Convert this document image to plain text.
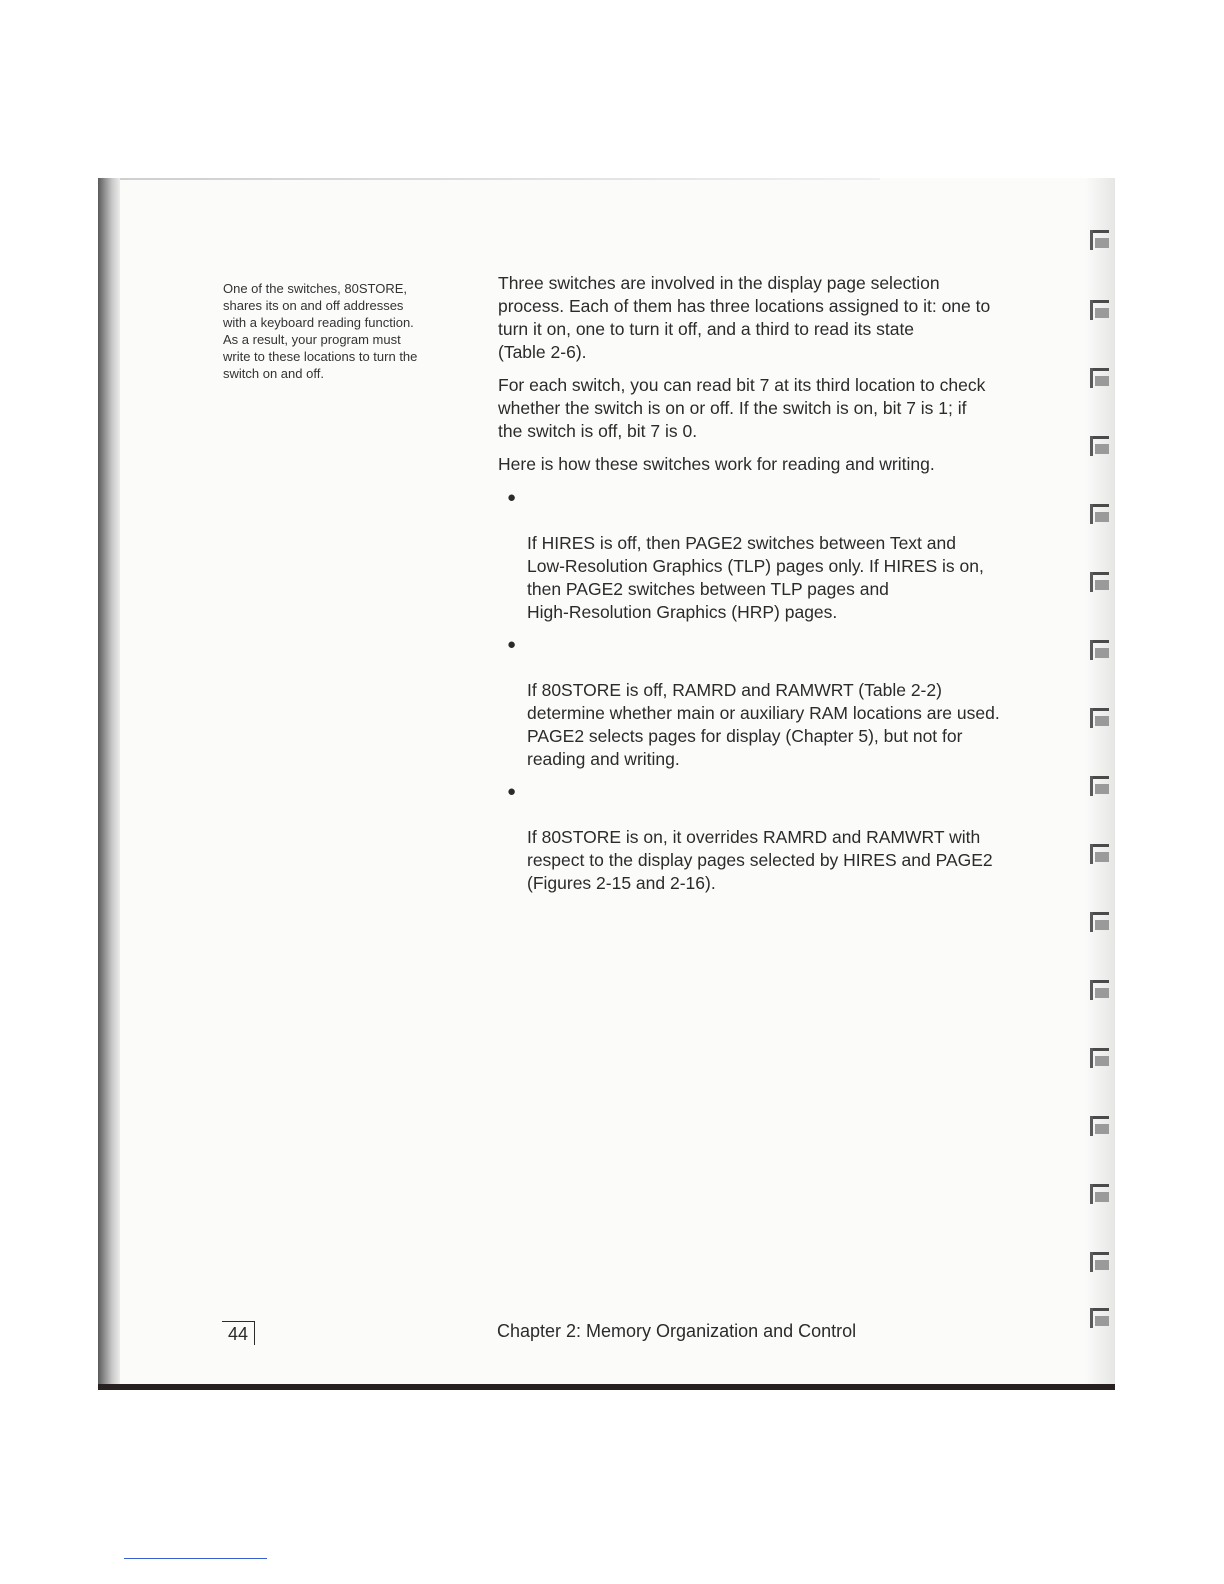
One of the switches, 80STORE,
shares its on and off addresses
with a keyboard reading function.
As a result, your program must
write to these locations to turn the
switch on and off.

Three switches are involved in the display page selection
process. Each of them has three locations assigned to it: one to
turn it on, one to turn it off, and a third to read its state
(Table 2-6).

For each switch, you can read bit 7 at its third location to check
whether the switch is on or off. If the switch is on, bit 7 is 1; if
the switch is off, bit 7 is 0.

Here is how these switches work for reading and writing.

●

If HIRES is off, then PAGE2 switches between Text and
Low-Resolution Graphics (TLP) pages only. If HIRES is on,
then PAGE2 switches between TLP pages and
High-Resolution Graphics (HRP) pages.

●

If 80STORE is off, RAMRD and RAMWRT (Table 2-2)
determine whether main or auxiliary RAM locations are used.
PAGE2 selects pages for display (Chapter 5), but not for
reading and writing.

●

If 80STORE is on, it overrides RAMRD and RAMWRT with
respect to the display pages selected by HIRES and PAGE2
(Figures 2-15 and 2-16).

44	Chapter 2: Memory Organization and Control
